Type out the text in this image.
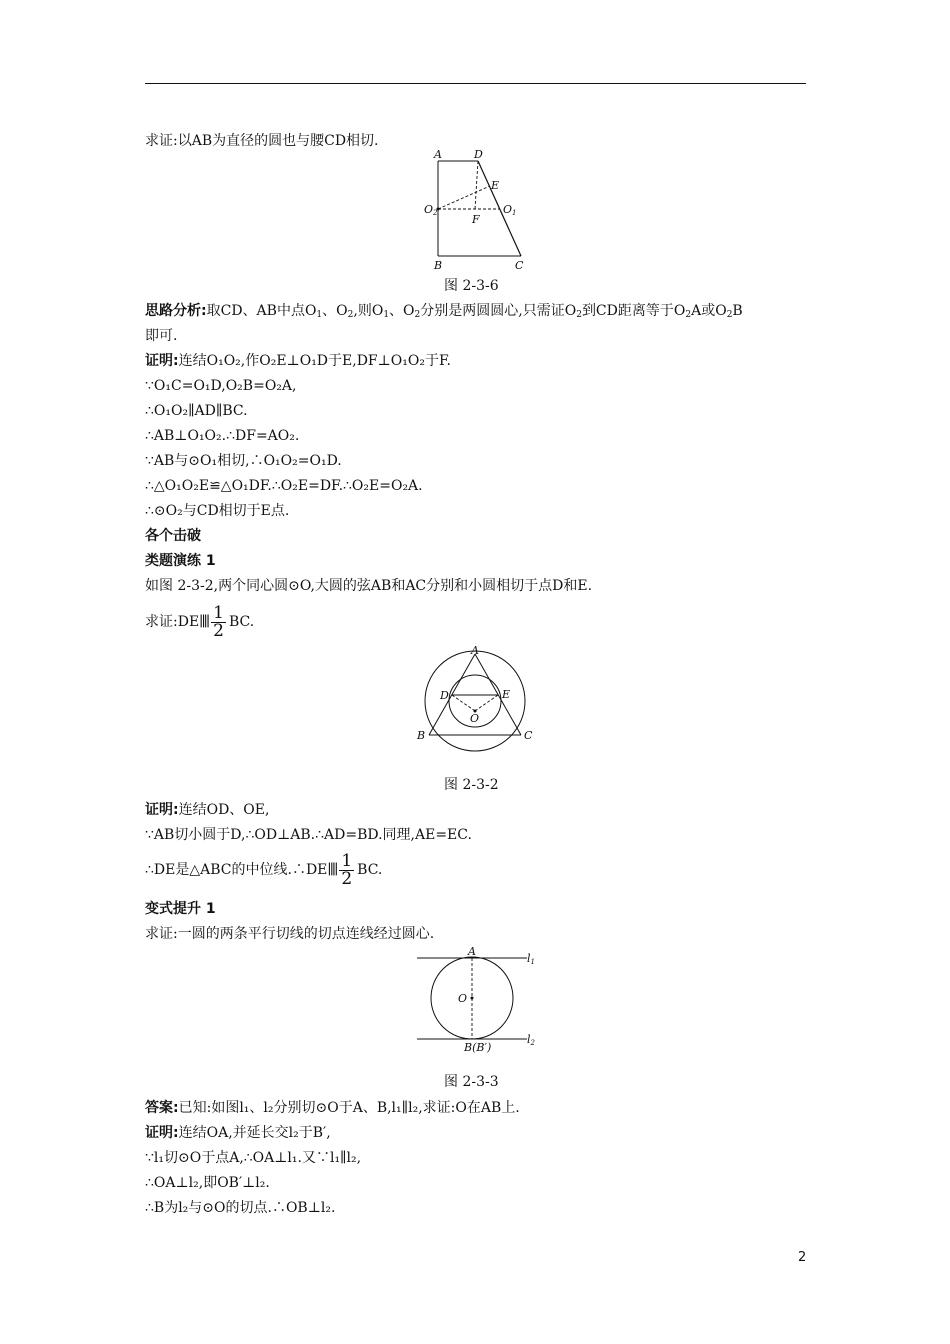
求证:以AB为直径的圆也与腰CD相切.
A	D
E
O2	O1
F
B	C
图 2-3-6
思路分析:取CD、AB中点$O_1$、$O_2$,则$O_1$、$O_2$分别是两圆圆心,只需证$O_2$到CD距离等于$O_2A$或$O_2B$
即可.
证明:连结O₁O₂,作O₂E⊥O₁D于E,DF⊥O₁O₂于F.
∵O₁C=O₁D,O₂B=O₂A,
∴O₁O₂∥AD∥BC.
∴AB⊥O₁O₂.∴DF=AO₂.
∵AB与⊙O₁相切,∴O₁O₂=O₁D.
∴△O₁O₂E≌△O₁DF.∴O₂E=DF.∴O₂E=O₂A.
∴⊙O₂与CD相切于E点.
各个击破
类题演练 1
如图 2-3-2,两个同心圆⊙O,大圆的弦AB和AC分别和小圆相切于点D和E.
求证:DE∥∥ $\frac{1}{2}$ BC.
A
D	E
O
B	C
图 2-3-2
证明:连结OD、OE,
∵AB切小圆于D,∴OD⊥AB.∴AD=BD.同理,AE=EC.
∴DE是△ABC的中位线.∴DE∥∥ $\frac{1}{2}$ BC.
变式提升 1
求证:一圆的两条平行切线的切点连线经过圆心.
A
O
B(B′)
l1
l2
图 2-3-3
答案:已知:如图l₁、l₂分别切⊙O于A、B,l₁∥l₂,求证:O在AB上.
证明:连结OA,并延长交l₂于B′,
∵l₁切⊙O于点A,∴OA⊥l₁.又∵l₁∥l₂,
∴OA⊥l₂,即OB′⊥l₂.
∴B为l₂与⊙O的切点.∴OB⊥l₂.
2
